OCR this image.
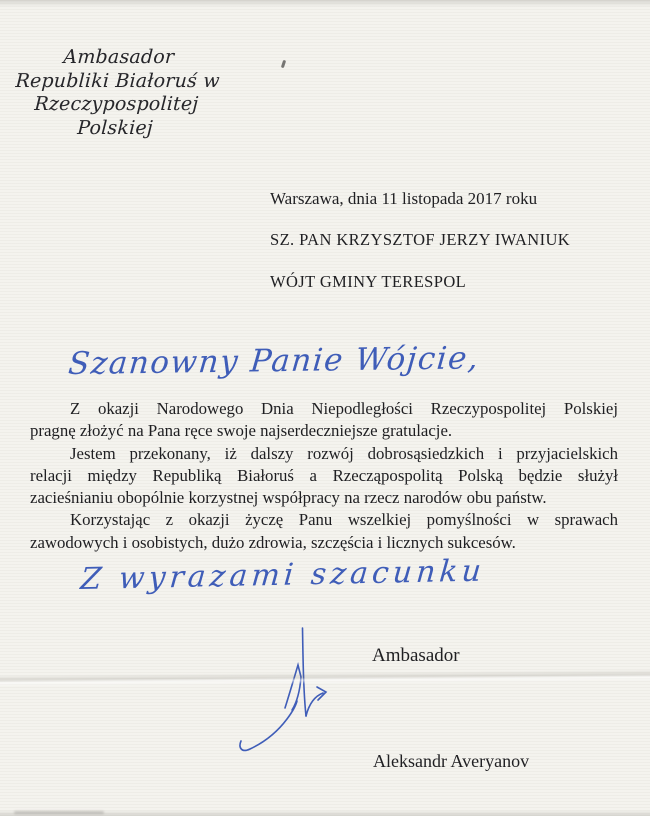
Ambasador
Republiki Białoruś w
Rzeczypospolitej Polskiej
Warszawa, dnia 11 listopada 2017 roku
SZ. PAN KRZYSZTOF JERZY IWANIUK
WÓJT GMINY TERESPOL
Szanowny Panie Wójcie,
Z okazji Narodowego Dnia Niepodległości Rzeczypospolitej Polskiej
pragnę złożyć na Pana ręce swoje najserdeczniejsze gratulacje.
Jestem przekonany, iż dalszy rozwój dobrosąsiedzkich i przyjacielskich
relacji między Republiką Białoruś a Rzecząpospolitą Polską będzie służył
zacieśnianiu obopólnie korzystnej współpracy na rzecz narodów obu państw.
Korzystając z okazji życzę Panu wszelkiej pomyślności w sprawach
zawodowych i osobistych, dużo zdrowia, szczęścia i licznych sukcesów.
Z wyrazami szacunku
Ambasador
Aleksandr Averyanov
